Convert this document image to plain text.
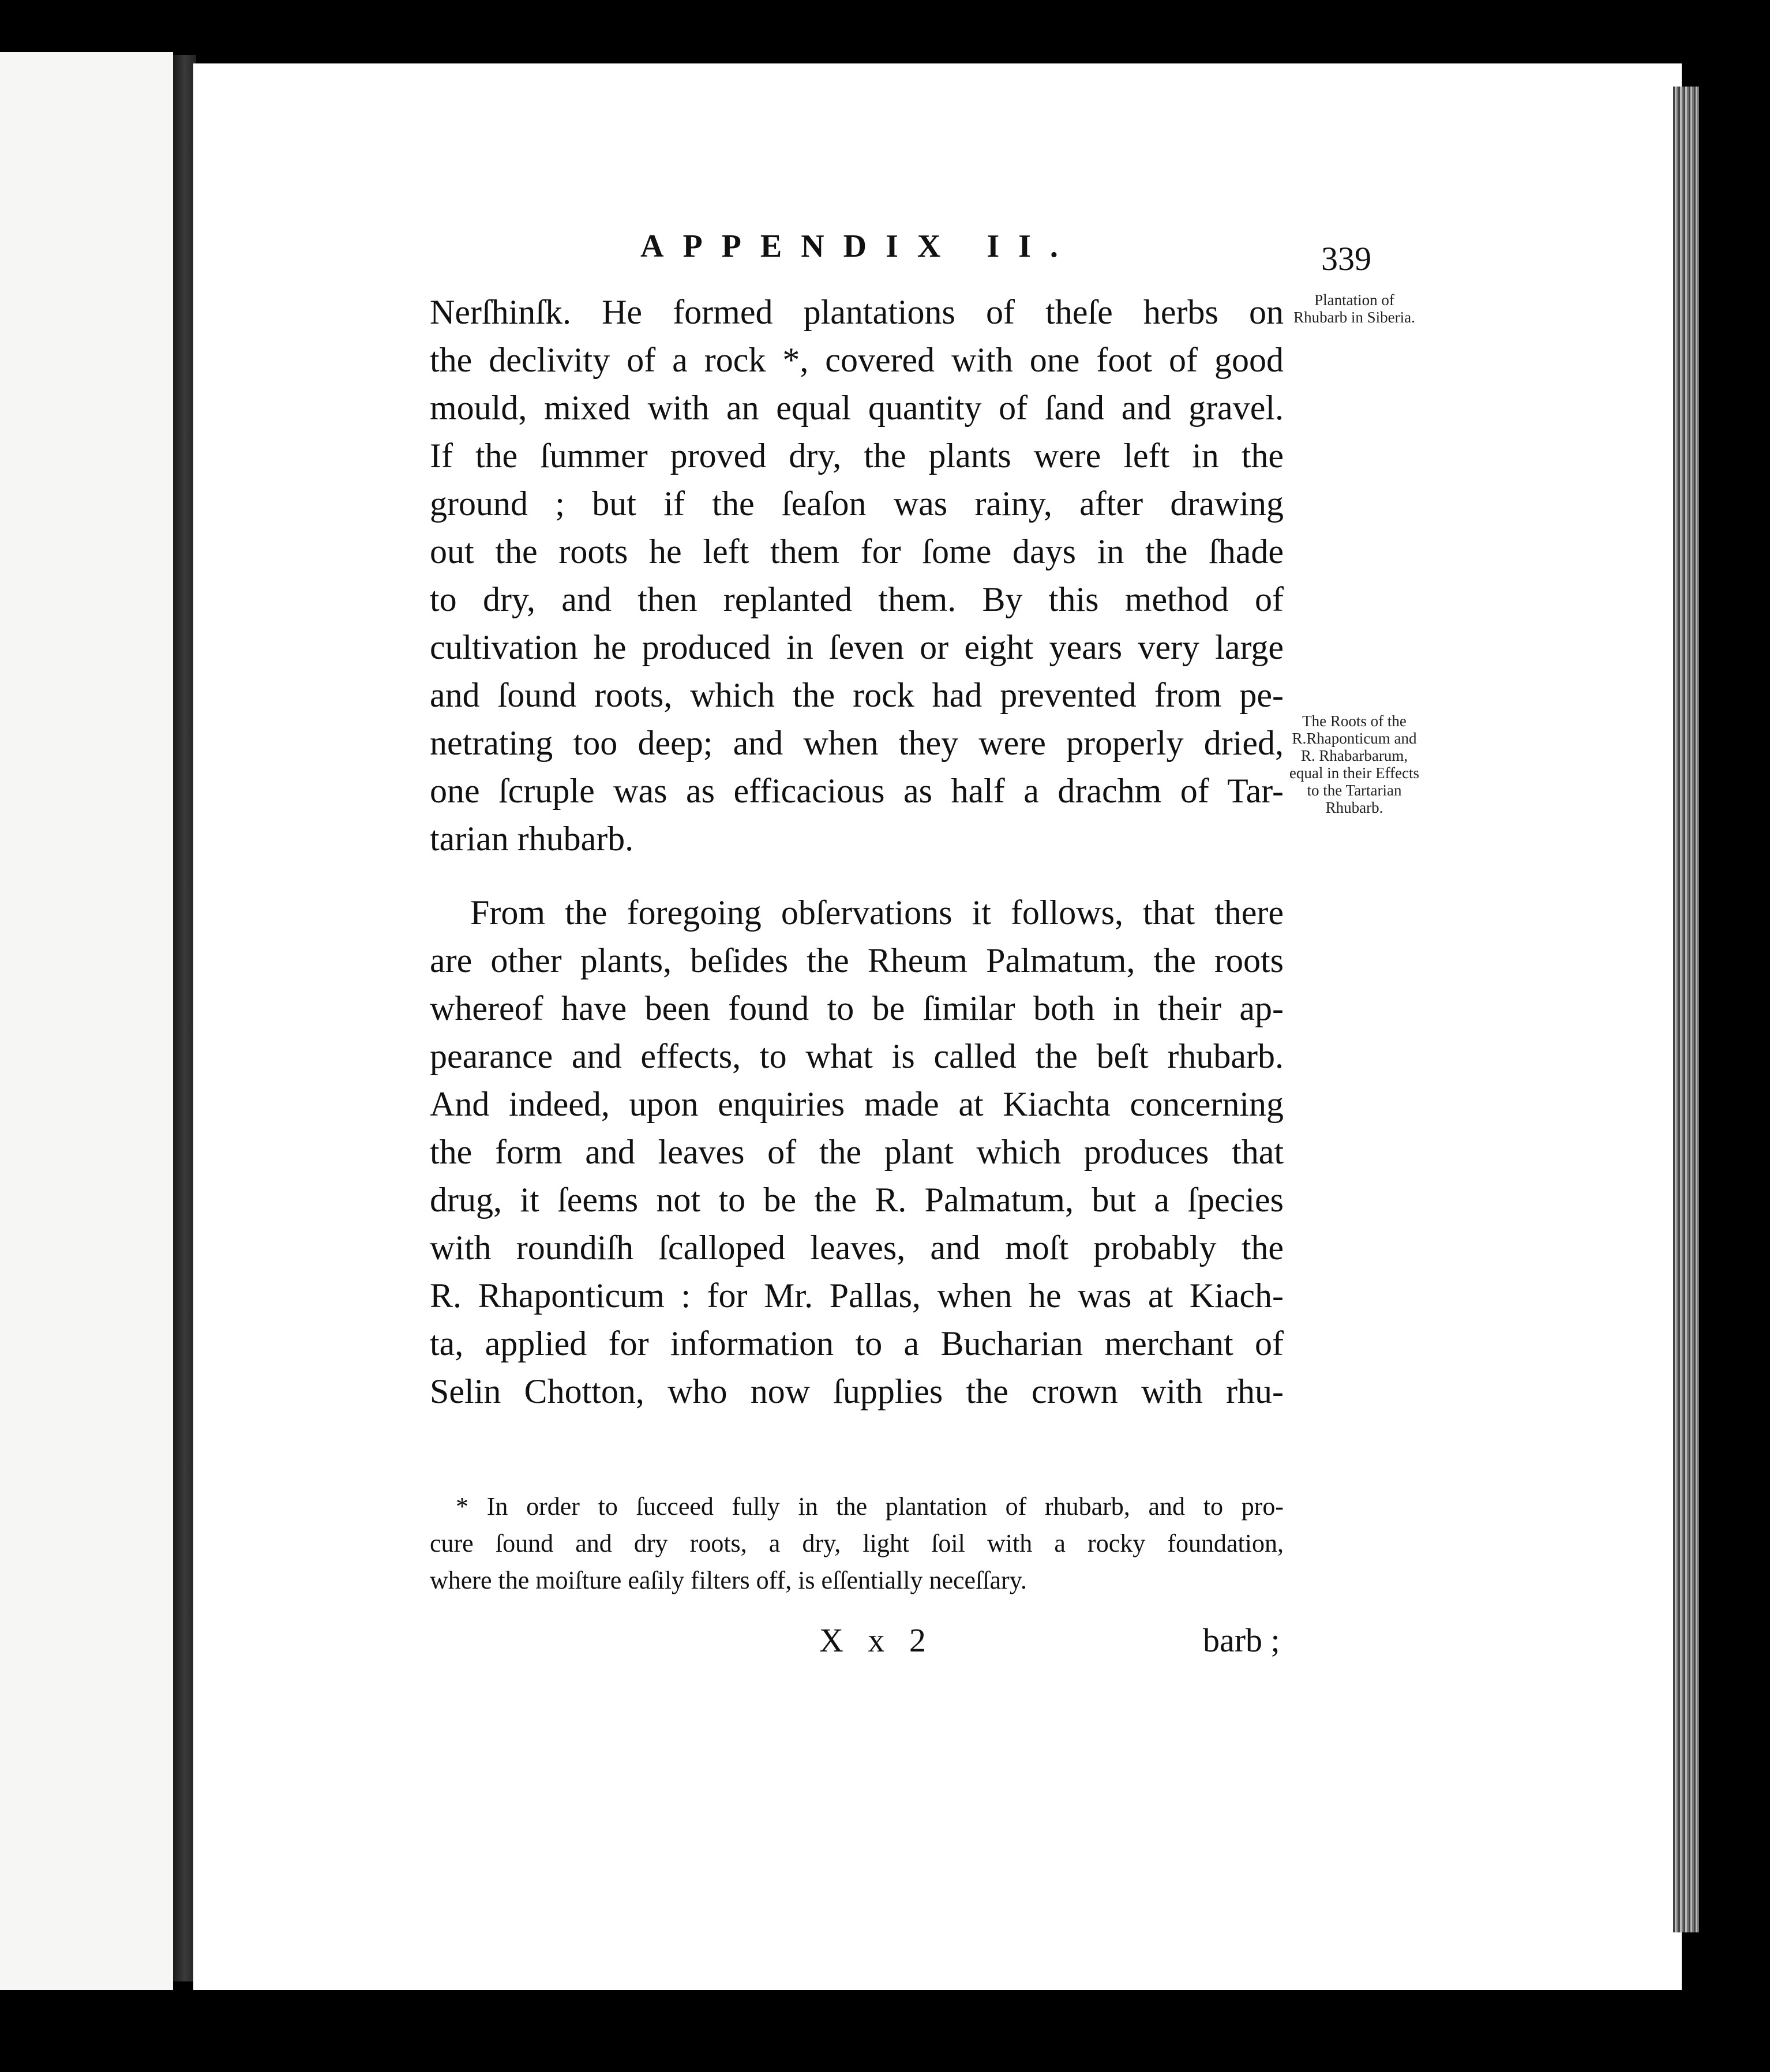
APPENDIX II.	339
Plantation of Rhubarb in Siberia.
The Roots of the R.Rhaponticum and R. Rhabarbarum, equal in their Effects to the Tartarian Rhubarb.
Nerſhinſk. He formed plantations of theſe herbs on
the declivity of a rock *, covered with one foot of good
mould, mixed with an equal quantity of ſand and gravel.
If the ſummer proved dry, the plants were left in the
ground ; but if the ſeaſon was rainy, after drawing
out the roots he left them for ſome days in the ſhade
to dry, and then replanted them. By this method of
cultivation he produced in ſeven or eight years very large
and ſound roots, which the rock had prevented from pe-
netrating too deep; and when they were properly dried,
one ſcruple was as efficacious as half a drachm of Tar-
tarian rhubarb.
From the foregoing obſervations it follows, that there
are other plants, beſides the Rheum Palmatum, the roots
whereof have been found to be ſimilar both in their ap-
pearance and effects, to what is called the beſt rhubarb.
And indeed, upon enquiries made at Kiachta concerning
the form and leaves of the plant which produces that
drug, it ſeems not to be the R. Palmatum, but a ſpecies
with roundiſh ſcalloped leaves, and moſt probably the
R. Rhaponticum : for Mr. Pallas, when he was at Kiach-
ta, applied for information to a Bucharian merchant of
Selin Chotton, who now ſupplies the crown with rhu-
* In order to ſucceed fully in the plantation of rhubarb, and to pro-
cure ſound and dry roots, a dry, light ſoil with a rocky foundation,
where the moiſture eaſily filters off, is eſſentially neceſſary.
X x 2	barb ;
